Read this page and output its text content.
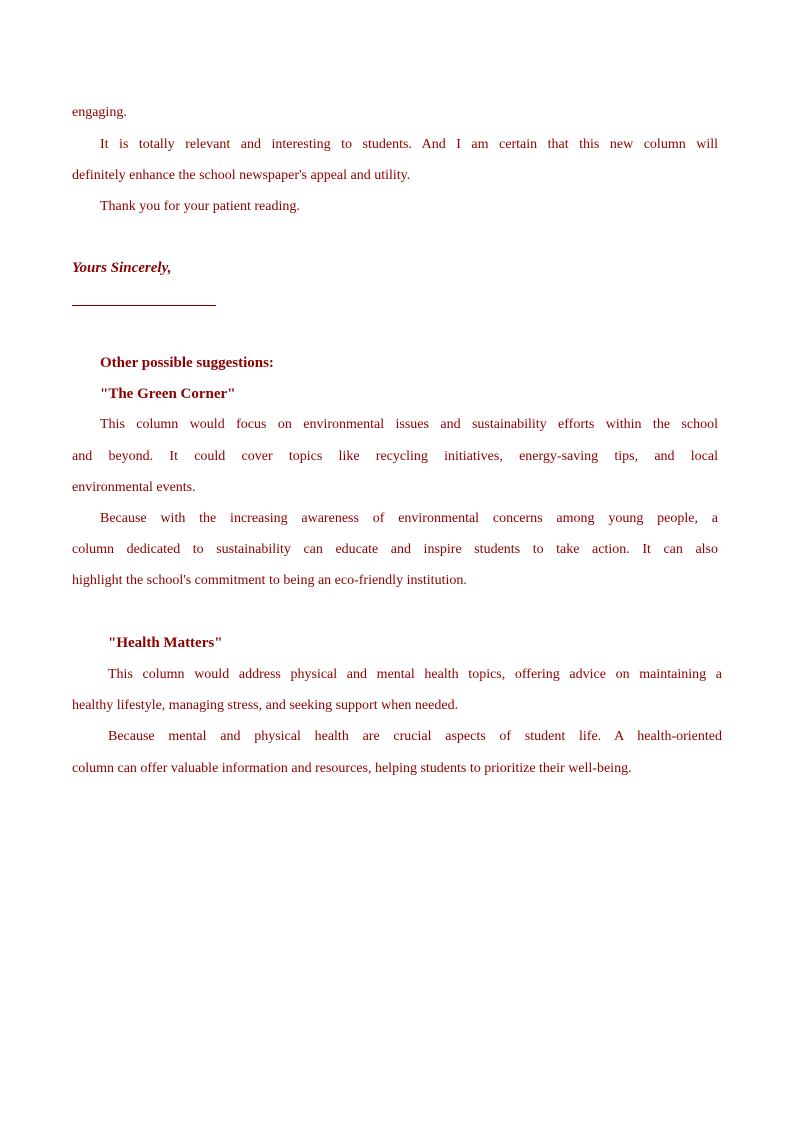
engaging.
It is totally relevant and interesting to students. And I am certain that this new column will
definitely enhance the school newspaper's appeal and utility.
Thank you for your patient reading.
Yours Sincerely,
Other possible suggestions:
"The Green Corner"
This column would focus on environmental issues and sustainability efforts within the school
and beyond. It could cover topics like recycling initiatives, energy-saving tips, and local
environmental events.
Because with the increasing awareness of environmental concerns among young people, a
column dedicated to sustainability can educate and inspire students to take action. It can also
highlight the school's commitment to being an eco-friendly institution.
"Health Matters"
This column would address physical and mental health topics, offering advice on maintaining a
healthy lifestyle, managing stress, and seeking support when needed.
Because mental and physical health are crucial aspects of student life. A health-oriented
column can offer valuable information and resources, helping students to prioritize their well-being.
